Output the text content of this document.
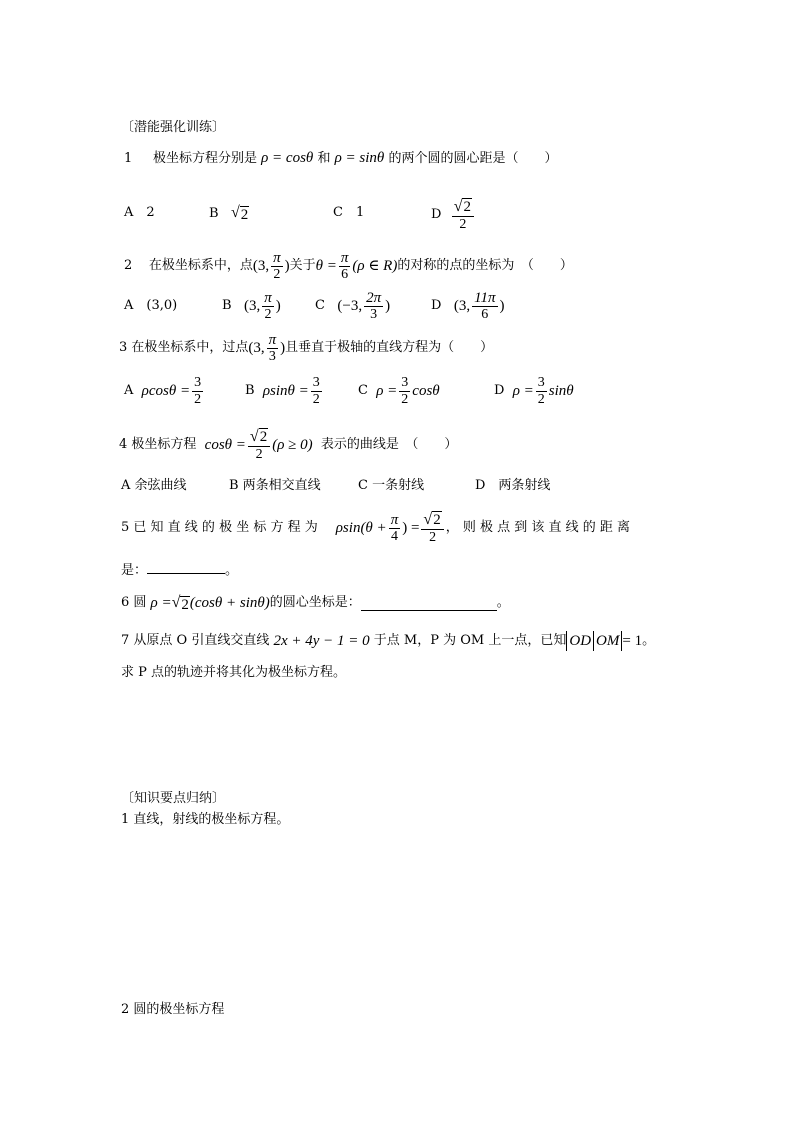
〔潜能强化训练〕
1 极坐标方程分别是 ρ = cosθ 和 ρ = sinθ 的两个圆的圆心距是（　　）
A　2	B √ 2	C　1	D
$\frac{√ 2}{2}$
2
在极坐标系中，点 (3, $\frac{\pi}{2}$ ) 关于 $\theta = \frac{\pi}{6} (\rho$ ∈ R) 的对称的点的坐标为　（　　）
A　(3,0)	B
(3, $\frac{\pi}{2}$ )	C
(−3, $\frac{2\pi}{3}$ )	D
(3, $\frac{11\pi}{6}$ )
3 在极坐标系中，过点 (3, $\frac{\pi}{3}$ ) 且垂直于极轴的直线方程为（　　）
A
$\rho\cos\theta = \frac{3}{2}$	B
$\rho\sin\theta = \frac{3}{2}$	C
$\rho = \frac{3}{2}$ cosθ	D
$\rho = \frac{3}{2}$ sinθ
4 极坐标方程
$\cos\theta = \frac{√ 2}{2} (\rho \ge 0)$
表示的曲线是　（　　）
A 余弦曲线	B 两条相交直线	C 一条射线	D　两条射线
5 已 知 直 线 的 极 坐 标 方 程 为 $\rho\sin(\theta + \frac{\pi}{4}$ ) = $\frac{√ 2}{2}$ ， 则 极 点 到 该 直 线 的 距 离
是：	。
6 圆
ρ = √ 2 (cosθ + sinθ) 的圆心坐标是：	。
7 从原点 O 引直线交直线
2x + 4y − 1 = 0
于点 M，P 为 OM 上一点，已知 OD OM = 1 。
求 P 点的轨迹并将其化为极坐标方程。
〔知识要点归纳〕
1 直线，射线的极坐标方程。
2 圆的极坐标方程
